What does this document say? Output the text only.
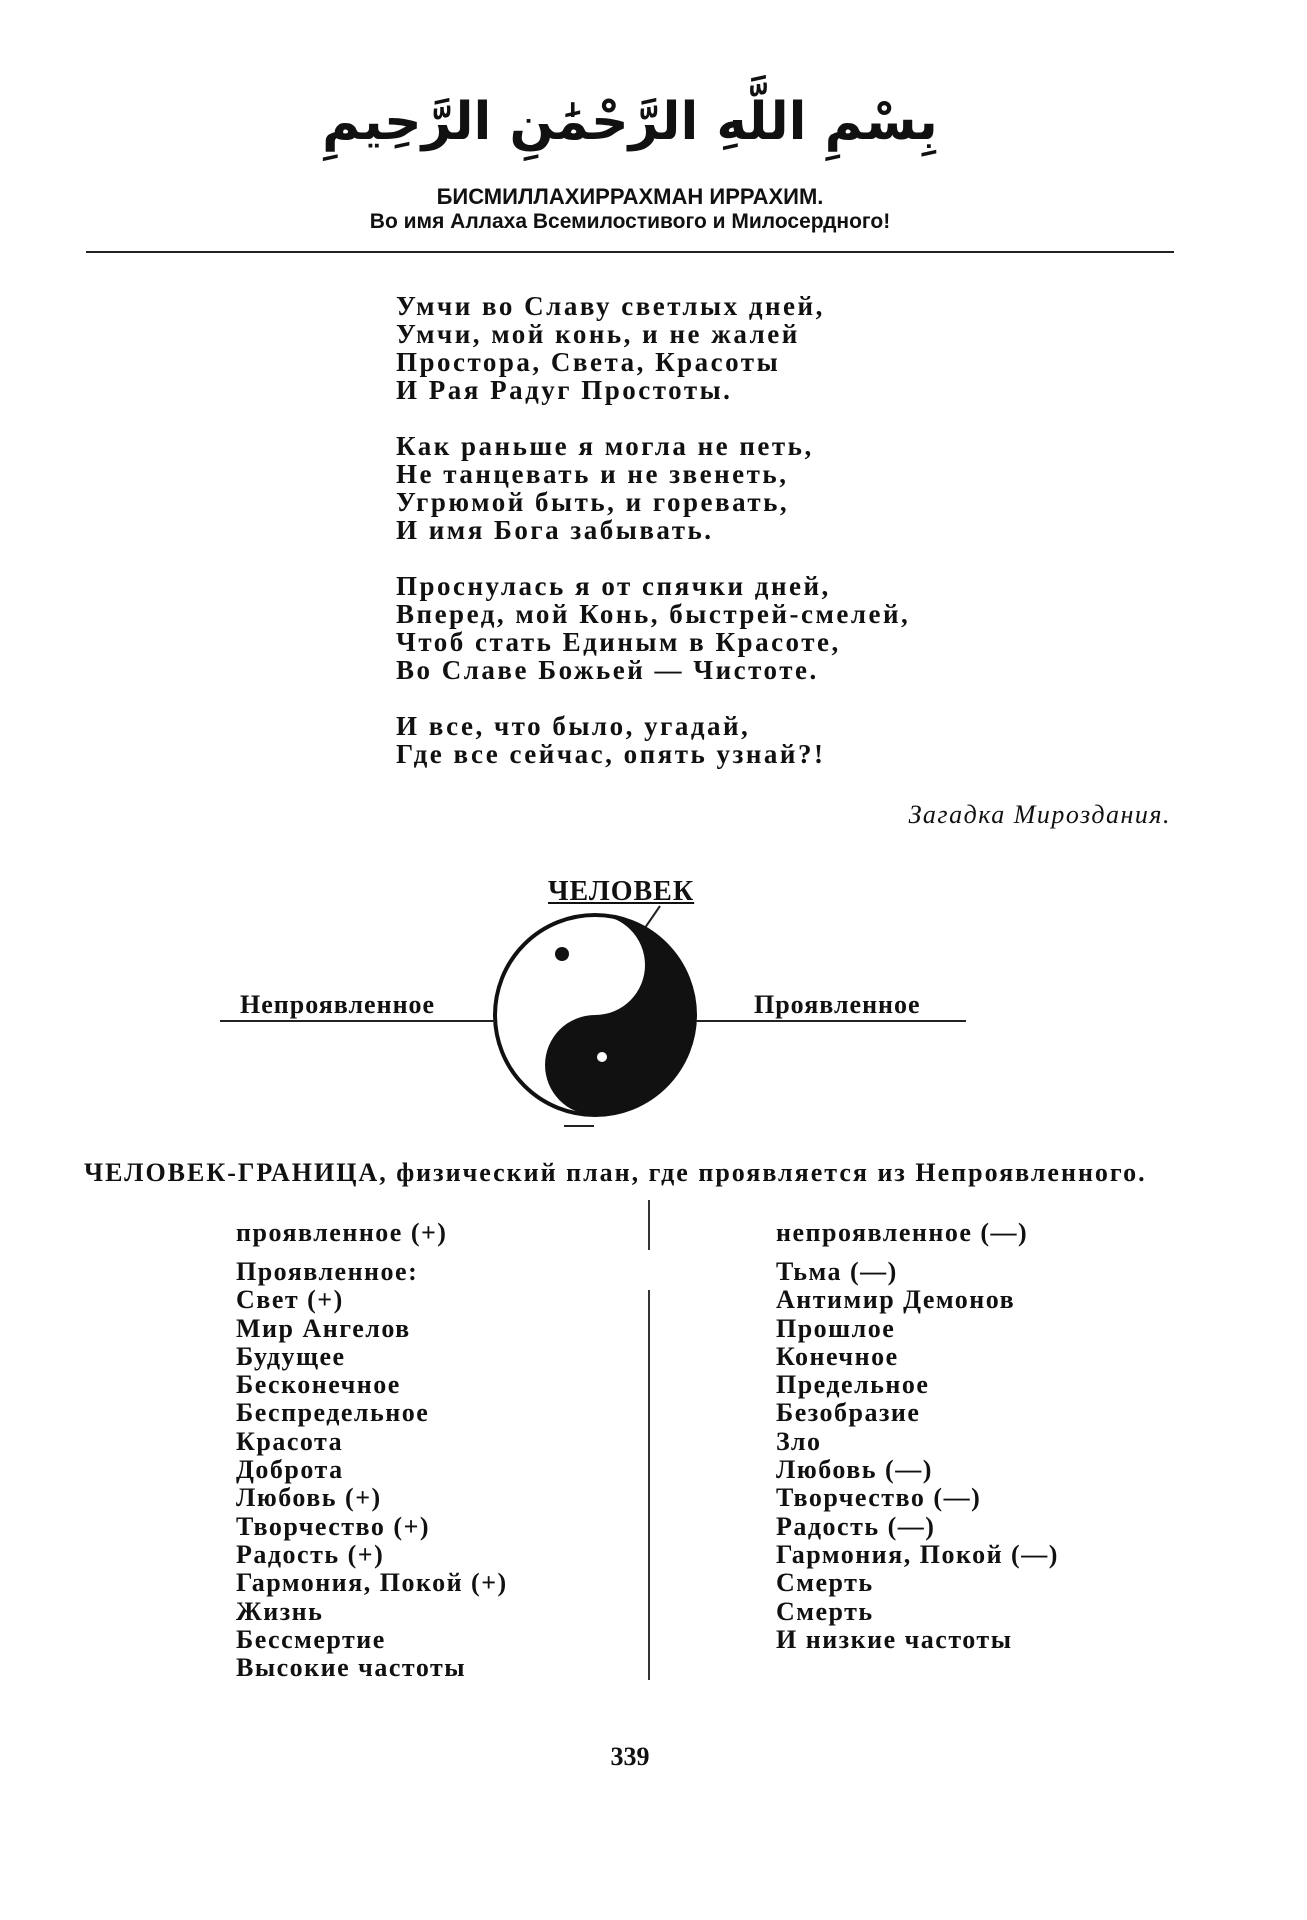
بِسْمِ اللَّهِ الرَّحْمَٰنِ الرَّحِيمِ
БИСМИЛЛАХИРРАХМАН ИРРАХИМ.
Во имя Аллаха Всемилостивого и Милосердного!
Умчи во Славу светлых дней,
Умчи, мой конь, и не жалей
Простора, Света, Красоты
И Рая Радуг Простоты.
Как раньше я могла не петь,
Не танцевать и не звенеть,
Угрюмой быть, и горевать,
И имя Бога забывать.
Проснулась я от спячки дней,
Вперед, мой Конь, быстрей-смелей,
Чтоб стать Единым в Красоте,
Во Славе Божьей — Чистоте.
И все, что было, угадай,
Где все сейчас, опять узнай?!
Загадка Мироздания.
ЧЕЛОВЕК
Непроявленное	Проявленное
ЧЕЛОВЕК-ГРАНИЦА, физический план, где проявляется из Непроявленного.
проявленное (+)	непроявленное (—)
Проявленное:
Свет (+)
Мир Ангелов
Будущее
Бесконечное
Беспредельное
Красота
Доброта
Любовь (+)
Творчество (+)
Радость (+)
Гармония, Покой (+)
Жизнь
Бессмертие
Высокие частоты
Тьма (—)
Антимир Демонов
Прошлое
Конечное
Предельное
Безобразие
Зло
Любовь (—)
Творчество (—)
Радость (—)
Гармония, Покой (—)
Смерть
Смерть
И низкие частоты
339
